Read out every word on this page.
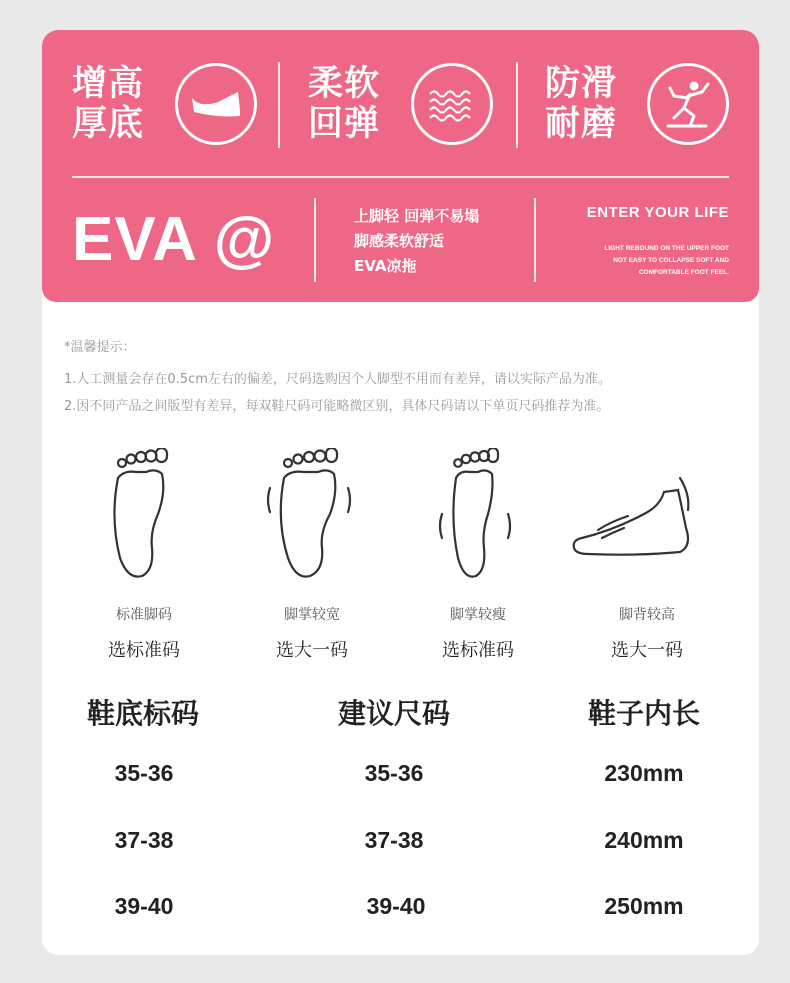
增高
厚底
柔软
回弹
防滑
耐磨
EVA @	上脚轻 回弹不易塌
脚感柔软舒适
EVA凉拖
ENTER YOUR LIFE
LIGHT REBOUND ON THE UPPER FOOT
NOT EASY TO COLLAPSE SOFT AND
COMFORTABLE FOOT FEEL.
*温馨提示：
1.人工测量会存在0.5cm左右的偏差，尺码选购因个人脚型不用而有差异，请以实际产品为准。
2.因不同产品之间版型有差异，每双鞋尺码可能略微区别，具体尺码请以下单页尺码推荐为准。
标准脚码	脚掌较宽	脚掌较瘦	脚背较高
选标准码	选大一码	选标准码	选大一码
鞋底标码	建议尺码	鞋子内长
35-36	35-36	230mm
37-38	37-38	240mm
39-40	39-40	250mm
